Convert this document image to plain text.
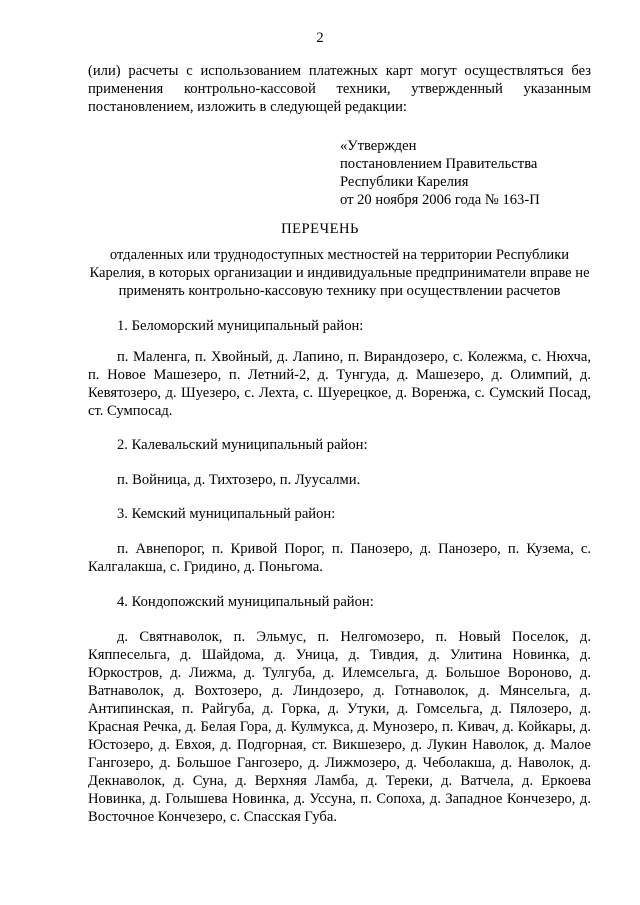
2
(или) расчеты с использованием платежных карт могут осуществляться без применения контрольно-кассовой техники, утвержденный указанным постановлением, изложить в следующей редакции:
«Утвержден
постановлением Правительства
Республики Карелия
от 20 ноября 2006 года № 163-П
ПЕРЕЧЕНЬ
отдаленных или труднодоступных местностей на территории Республики Карелия, в которых организации и индивидуальные предприниматели вправе не применять контрольно-кассовую технику при осуществлении расчетов
1. Беломорский муниципальный район:
п. Маленга, п. Хвойный, д. Лапино, п. Вирандозеро, с. Колежма, с. Нюхча, п. Новое Машезеро, п. Летний-2, д. Тунгуда, д. Машезеро, д. Олимпий, д. Кевятозеро, д. Шуезеро, с. Лехта, с. Шуерецкое, д. Воренжа, с. Сумский Посад, ст. Сумпосад.
2. Калевальский муниципальный район:
п. Войница, д. Тихтозеро, п. Луусалми.
3. Кемский муниципальный район:
п. Авнепорог, п. Кривой Порог, п. Панозеро, д. Панозеро, п. Кузема, с. Калгалакша, с. Гридино, д. Поньгома.
4. Кондопожский муниципальный район:
д. Святнаволок, п. Эльмус, п. Нелгомозеро, п. Новый Поселок, д. Кяппесельга, д. Шайдома, д. Уница, д. Тивдия, д. Улитина Новинка, д. Юркостров, д. Лижма, д. Тулгуба, д. Илемсельга, д. Большое Вороново, д. Ватнаволок, д. Вохтозеро, д. Линдозеро, д. Готнаволок, д. Мянсельга, д. Антипинская, п. Райгуба, д. Горка, д. Утуки, д. Гомсельга, д. Пялозеро, д. Красная Речка, д. Белая Гора, д. Кулмукса, д. Мунозеро, п. Кивач, д. Койкары, д. Юстозеро, д. Евхоя, д. Подгорная, ст. Викшезеро, д. Лукин Наволок, д. Малое Гангозеро, д. Большое Гангозеро, д. Лижмозеро, д. Чеболакша, д. Наволок, д. Декнаволок, д. Суна, д. Верхняя Ламба, д. Тереки, д. Ватчела, д. Еркоева Новинка, д. Голышева Новинка, д. Уссуна, п. Сопоха, д. Западное Кончезеро, д. Восточное Кончезеро, с. Спасская Губа.
